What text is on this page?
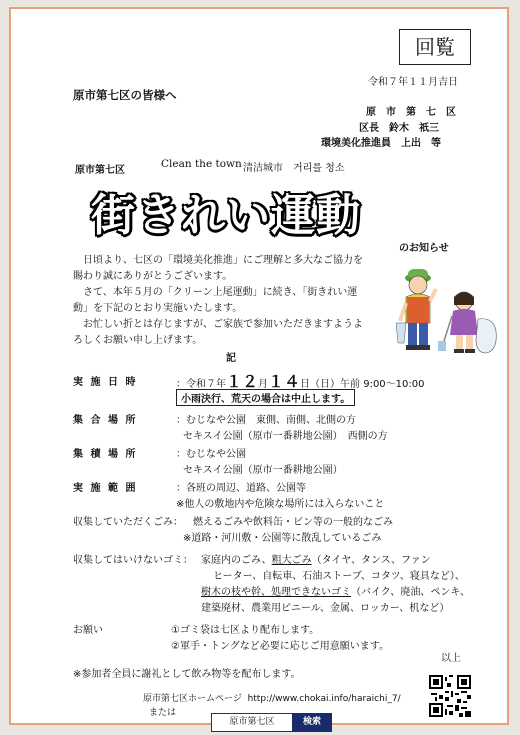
回覧
令和７年１１月吉日
原市第七区の皆様へ
原　市　第　七　区
区長　鈴木　祇三
環境美化推進員　上出　等
原市第七区
Clean the town 清洁城市 거리를 청소
街きれい運動
のお知らせ
日頃より、七区の「環境美化推進」にご理解と多大なご協力を
賜わり誠にありがとうございます。
さて、本年５月の「クリーン上尾運動」に続き、「街きれい運
動」を下記のとおり実施いたします。
お忙しい折とは存じますが、ご家族で参加いただきますようよ
ろしくお願い申し上げます。
記
実 施 日 時	：令和７年１２月１４日（日）午前 9:00～10:00
小雨決行、荒天の場合は中止します。
集 合 場 所	：むじなや公園　東側、南側、北側の方
セキスイ公園（原市一番耕地公園）　西側の方
集 積 場 所	：むじなや公園
セキスイ公園（原市一番耕地公園）
実 施 範 囲	：各班の周辺、道路、公園等
※他人の敷地内や危険な場所には入らないこと
収集していただくごみ： 燃えるごみや飲料缶・ビン等の一般的なごみ
※道路・河川敷・公園等に散乱しているごみ
収集してはいけないゴミ： 家庭内のごみ、粗大ごみ（タイヤ、タンス、ファン
ヒーター、自転車、石油ストーブ、コタツ、寝具など）、
樹木の枝や幹、処理できないゴミ（バイク、廃油、ペンキ、
建築廃材、農業用ビニール、金属、ロッカー、机など）
お願い	①ゴミ袋は七区より配布します。
②軍手・トングなど必要に応じご用意願います。
以上
※参加者全員に謝礼として飲み物等を配布します。
原市第七区ホームページ http://www.chokai.info/haraichi_7/
または
原市第七区	検索
